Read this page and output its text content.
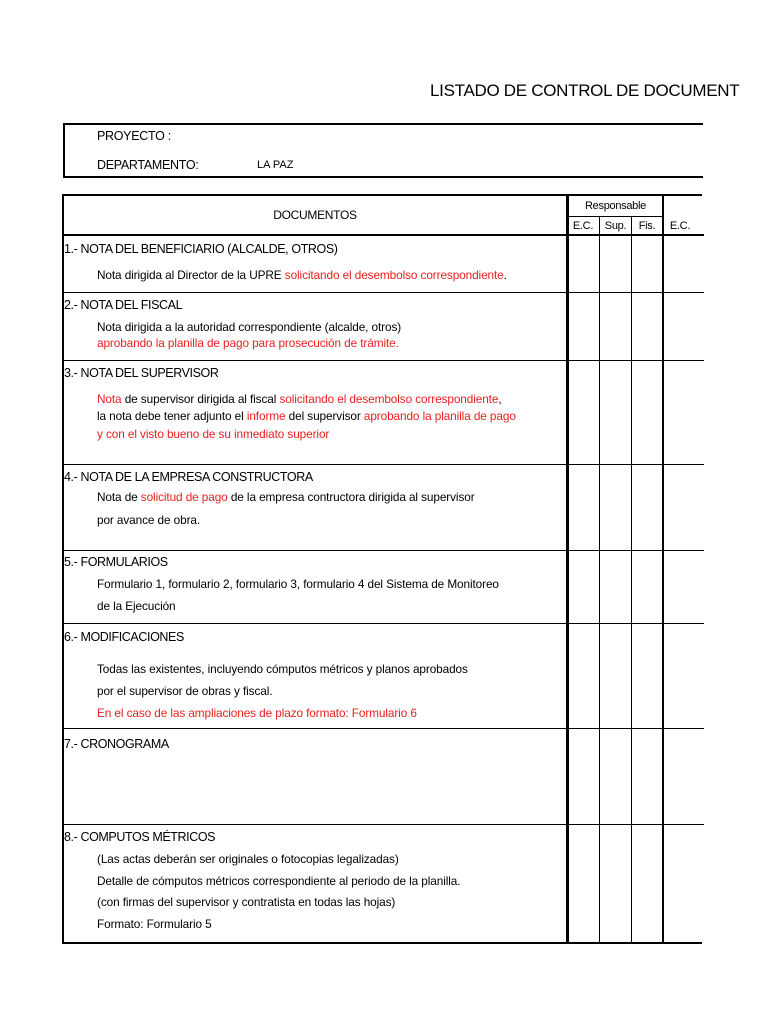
LISTADO DE CONTROL DE DOCUMENT
PROYECTO :
DEPARTAMENTO:	LA PAZ
DOCUMENTOS
Responsable
E.C.	Sup.	Fis.	E.C.
1.- NOTA DEL BENEFICIARIO (ALCALDE, OTROS)
Nota dirigida al Director de la UPRE solicitando el desembolso correspondiente.
2.- NOTA DEL FISCAL
Nota dirigida a la autoridad correspondiente (alcalde, otros)
aprobando la planilla de pago para prosecución de trámite.
3.- NOTA DEL SUPERVISOR
Nota de supervisor dirigida al fiscal solicitando el desembolso correspondiente,
la nota debe tener adjunto el informe del supervisor aprobando la planilla de pago
y con el visto bueno de su inmediato superior
4.- NOTA DE LA EMPRESA CONSTRUCTORA
Nota de solicitud de pago de la empresa contructora dirigida al supervisor
por avance de obra.
5.- FORMULARIOS
Formulario 1, formulario 2, formulario 3, formulario 4 del Sistema de Monitoreo
de la Ejecución
6.- MODIFICACIONES
Todas las existentes, incluyendo cómputos métricos y planos aprobados
por el supervisor de obras y fiscal.
En el caso de las ampliaciones de plazo formato: Formulario 6
7.- CRONOGRAMA
8.- COMPUTOS MÉTRICOS
(Las actas deberán ser originales o fotocopias legalizadas)
Detalle de cómputos métricos correspondiente al periodo de la planilla.
(con firmas del supervisor y contratista en todas las hojas)
Formato: Formulario 5
